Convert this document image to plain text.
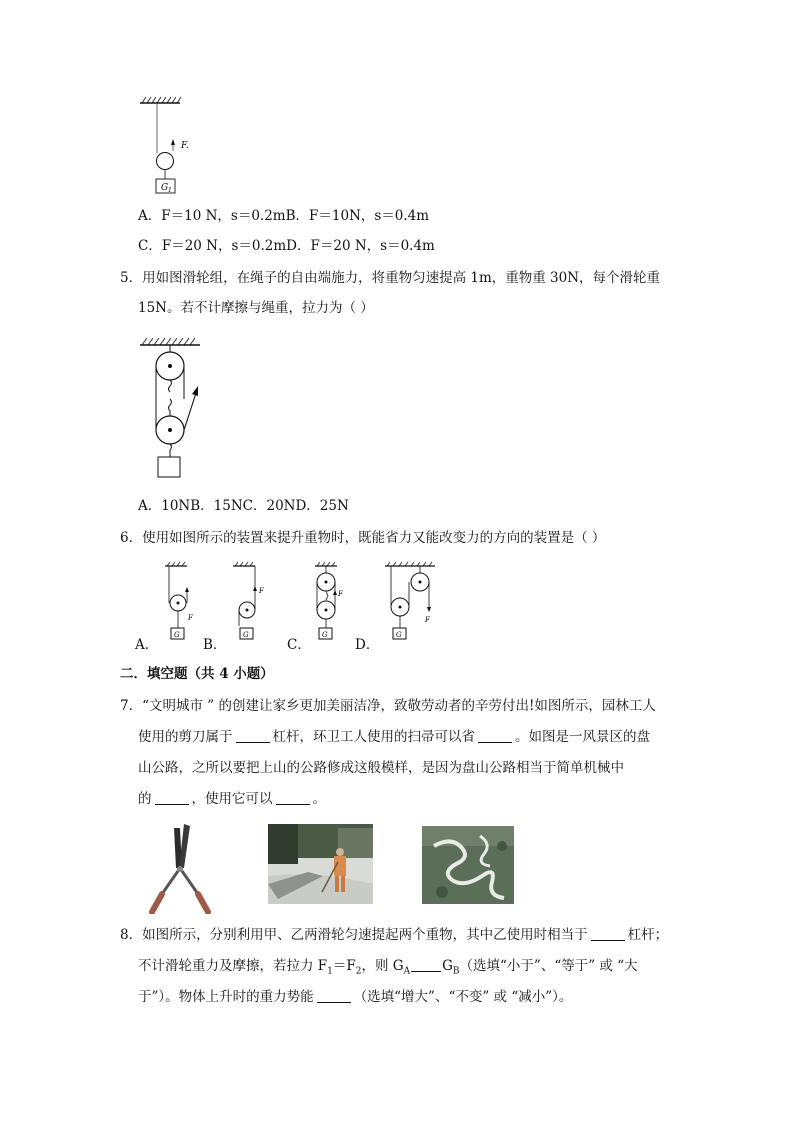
F.
G 1
A．F＝10 N，s＝0.2mB．F＝10N，s＝0.4m
C．F＝20 N，s＝0.2mD．F＝20 N，s＝0.4m
5．用如图滑轮组，在绳子的自由端施力，将重物匀速提高 1m，重物重 30N，每个滑轮重
15N。若不计摩擦与绳重，拉力为（ ）
A．10NB．15NC．20ND．25N
6．使用如图所示的装置来提升重物时，既能省力又能改变力的方向的装置是（ ）
G
F
G
F
G
F
G
F
A．	B．	C．	D．
二．填空题（共 4 小题）
7．“文明城市 ” 的创建让家乡更加美丽洁净，致敬劳动者的辛劳付出!如图所示，园林工人
使用的剪刀属于	杠杆，环卫工人使用的扫帚可以省	。如图是一风景区的盘
山公路，之所以要把上山的公路修成这般模样，是因为盘山公路相当于简单机械中
的	，使用它可以	。
8．如图所示，分别利用甲、乙两滑轮匀速提起两个重物，其中乙使用时相当于	杠杆；
不计滑轮重力及摩擦，若拉力 $F_1=F_2$，则 $G_A$ $G_B$（选填“小于”、“等于” 或 “大
于”）。物体上升时的重力势能	（选填“增大”、“不变” 或 “减小”）。
